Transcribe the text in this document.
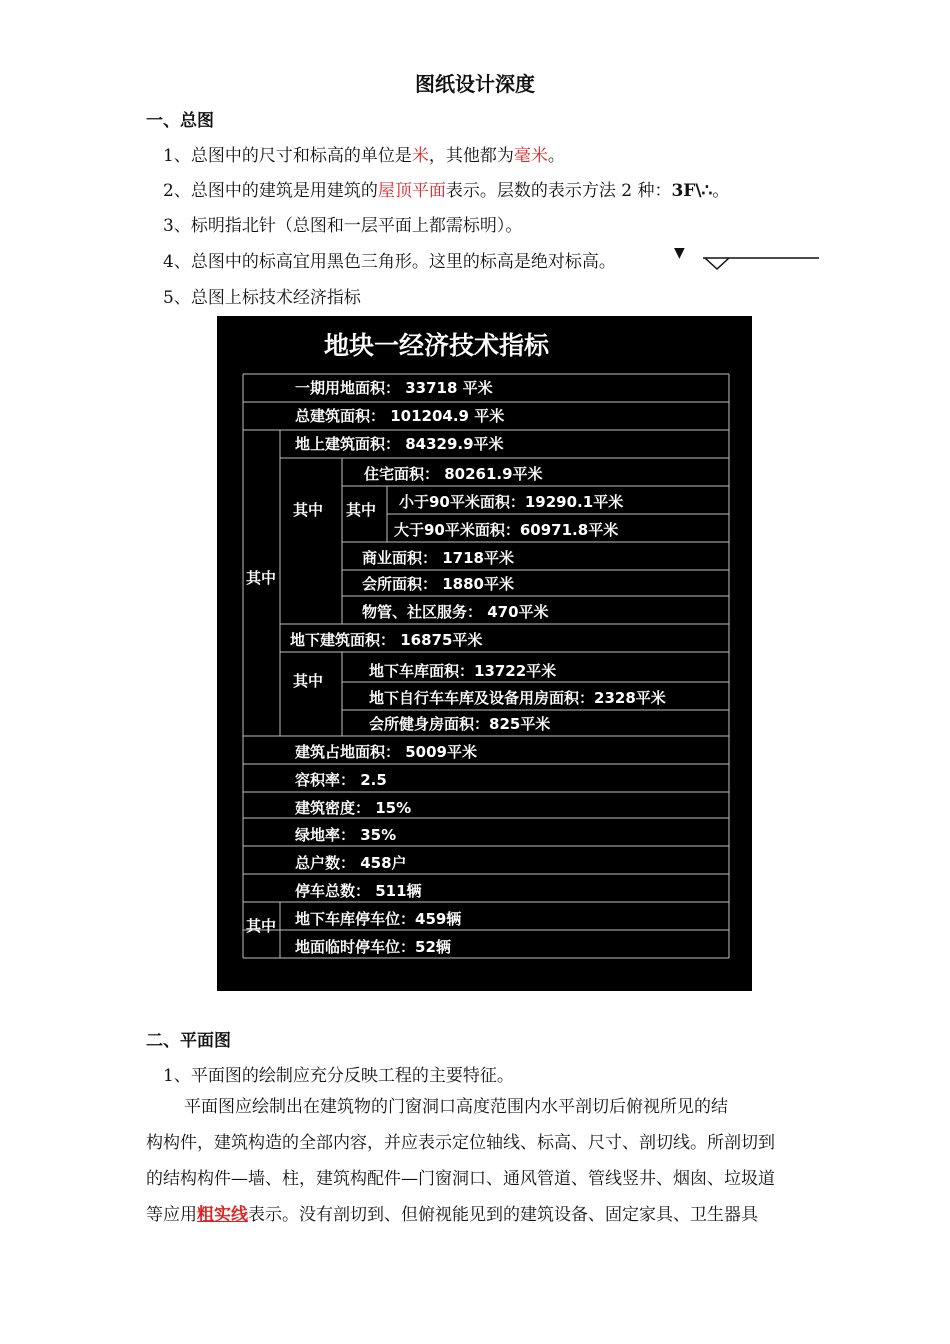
图纸设计深度
一、总图
1、总图中的尺寸和标高的单位是米，其他都为毫米。
2、总图中的建筑是用建筑的屋顶平面表示。层数的表示方法 2 种：3F\∴。
3、标明指北针（总图和一层平面上都需标明）。
4、总图中的标高宜用黑色三角形。这里的标高是绝对标高。	▼
5、总图上标技术经济指标
地块一经济技术指标
一期用地面积： 33718 平米
总建筑面积： 101204.9 平米
地上建筑面积： 84329.9平米
住宅面积： 80261.9平米
小于90平米面积：19290.1平米
大于90平米面积：60971.8平米
商业面积： 1718平米
会所面积： 1880平米
物管、社区服务： 470平米
地下建筑面积： 16875平米
地下车库面积：13722平米
地下自行车车库及设备用房面积：2328平米
会所健身房面积：825平米
建筑占地面积： 5009平米
容积率： 2.5
建筑密度： 15%
绿地率： 35%
总户数： 458户
停车总数： 511辆
地下车库停车位：459辆
地面临时停车位：52辆
其中
其中 其中
其中
其中
二、平面图
1、平面图的绘制应充分反映工程的主要特征。

平面图应绘制出在建筑物的门窗洞口高度范围内水平剖切后俯视所见的结

构构件，建筑构造的全部内容，并应表示定位轴线、标高、尺寸、剖切线。所剖切到

的结构构件—墙、柱，建筑构配件—门窗洞口、通风管道、管线竖井、烟囱、垃圾道

等应用粗实线表示。没有剖切到、但俯视能见到的建筑设备、固定家具、卫生器具
